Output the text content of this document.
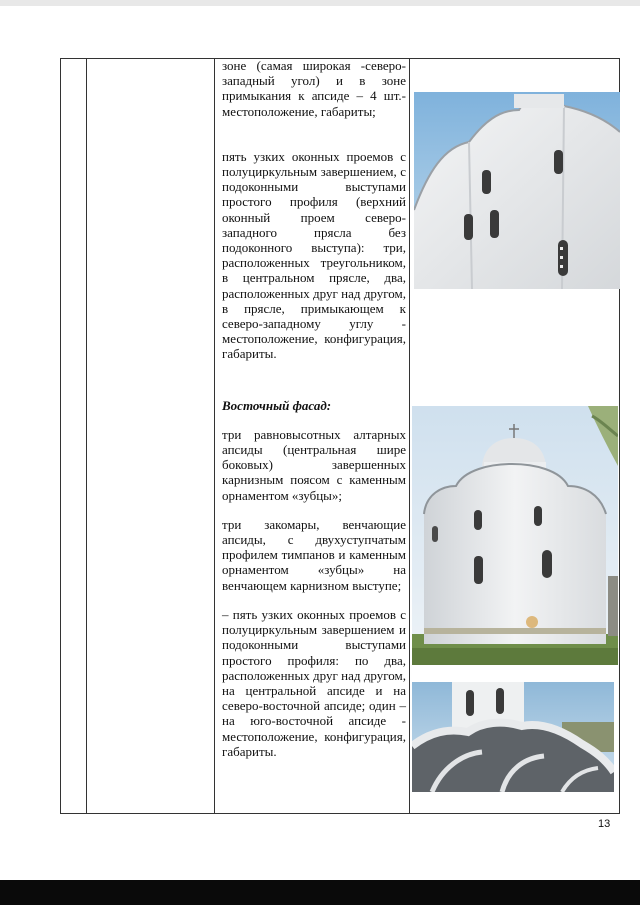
зоне (самая широкая -северо-западный угол) и в зоне примыкания к апсиде – 4 шт.- местоположение, габариты;

пять узких оконных проемов с полуциркульным завершением, с подоконными выступами простого профиля (верхний оконный проем северо-западного прясла без подоконного выступа): три, расположенных треугольником, в центральном прясле, два, расположенных друг над другом, в прясле, примыкающем к северо-западному углу - местоположение, конфигурация, габариты.

Восточный фасад:

три равновысотных алтарных апсиды (центральная шире боковых) завершенных карнизным поясом с каменным орнаментом «зубцы»;

три закомары, венчающие апсиды, с двухуступчатым профилем тимпанов и каменным орнаментом «зубцы» на венчающем карнизном выступе;

– пять узких оконных проемов с полуциркульным завершением и подоконными выступами простого профиля: по два, расположенных друг над другом, на центральной апсиде и на северо-восточной апсиде; один – на юго-восточной апсиде - местоположение, конфигурация, габариты.

13
